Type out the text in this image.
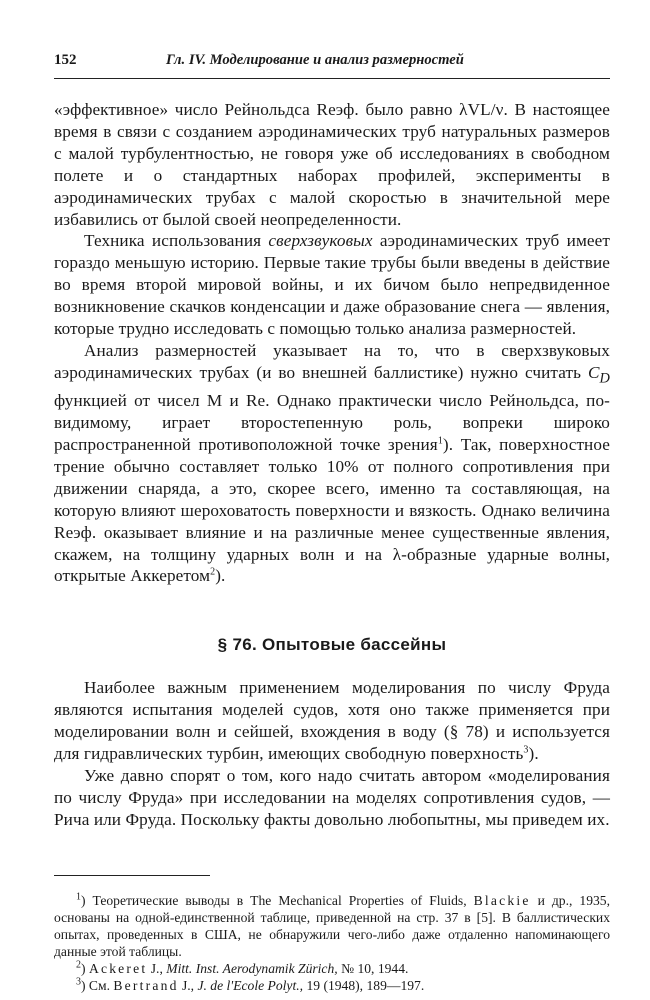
152	Гл. IV. Моделирование и анализ размерностей

«эффективное» число Рейнольдса Reэф. было равно λVL/ν. В настоящее время в связи с созданием аэродинамических труб натуральных размеров с малой турбулентностью, не говоря уже об исследованиях в свободном полете и о стандартных наборах профилей, эксперименты в аэродинамических трубах с малой скоростью в значительной мере избавились от былой своей неопределенности.

Техника использования сверхзвуковых аэродинамических труб имеет гораздо меньшую историю. Первые такие трубы были введены в действие во время второй мировой войны, и их бичом было непредвиденное возникновение скачков конденсации и даже образование снега — явления, которые трудно исследовать с помощью только анализа размерностей.

Анализ размерностей указывает на то, что в сверхзвуковых аэродинамических трубах (и во внешней баллистике) нужно считать $C_D$ функцией от чисел M и Re. Однако практически число Рейнольдса, по-видимому, играет второстепенную роль, вопреки широко распространенной противоположной точке зрения$^1$). Так, поверхностное трение обычно составляет только 10% от полного сопротивления при движении снаряда, а это, скорее всего, именно та составляющая, на которую влияют шероховатость поверхности и вязкость. Однако величина Reэф. оказывает влияние и на различные менее существенные явления, скажем, на толщину ударных волн и на λ-образные ударные волны, открытые Аккеретом$^2$).

§ 76. Опытовые бассейны

Наиболее важным применением моделирования по числу Фруда являются испытания моделей судов, хотя оно также применяется при моделировании волн и сейшей, вхождения в воду (§ 78) и используется для гидравлических турбин, имеющих свободную поверхность$^3$).

Уже давно спорят о том, кого надо считать автором «моделирования по числу Фруда» при исследовании на моделях сопротивления судов, — Рича или Фруда. Поскольку факты довольно любопытны, мы приведем их.

$^1$) Теоретические выводы в The Mechanical Properties of Fluids, Blackie и др., 1935, основаны на одной-единственной таблице, приведенной на стр. 37 в [5]. В баллистических опытах, проведенных в США, не обнаружили чего-либо даже отдаленно напоминающего данные этой таблицы.

$^2$) Ackeret J., Mitt. Inst. Aerodynamik Zürich, № 10, 1944.

$^3$) См. Bertrand J., J. de l'Ecole Polyt., 19 (1948), 189—197.
